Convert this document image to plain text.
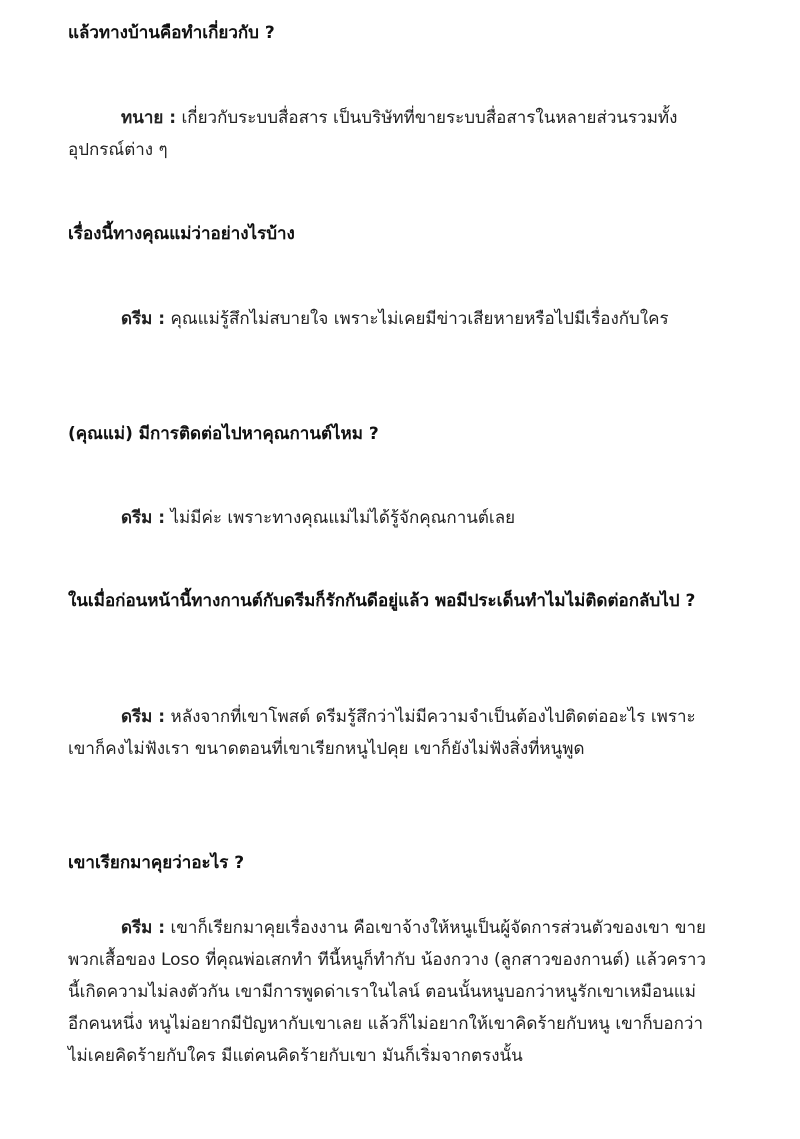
แล้วทางบ้านคือทำเกี่ยวกับ ?

ทนาย : เกี่ยวกับระบบสื่อสาร เป็นบริษัทที่ขายระบบสื่อสารในหลายส่วนรวมทั้งอุปกรณ์ต่าง ๆ

เรื่องนี้ทางคุณแม่ว่าอย่างไรบ้าง

ดรีม : คุณแม่รู้สึกไม่สบายใจ เพราะไม่เคยมีข่าวเสียหายหรือไปมีเรื่องกับใคร

(คุณแม่) มีการติดต่อไปหาคุณกานต์ไหม ?

ดรีม : ไม่มีค่ะ เพราะทางคุณแม่ไม่ได้รู้จักคุณกานต์เลย

ในเมื่อก่อนหน้านี้ทางกานต์กับดรีมก็รักกันดีอยู่แล้ว พอมีประเด็นทำไมไม่ติดต่อกลับไป ?

ดรีม : หลังจากที่เขาโพสต์ ดรีมรู้สึกว่าไม่มีความจำเป็นต้องไปติดต่ออะไร เพราะเขาก็คงไม่ฟังเรา ขนาดตอนที่เขาเรียกหนูไปคุย เขาก็ยังไม่ฟังสิ่งที่หนูพูด

เขาเรียกมาคุยว่าอะไร ?

ดรีม : เขาก็เรียกมาคุยเรื่องงาน คือเขาจ้างให้หนูเป็นผู้จัดการส่วนตัวของเขา ขายพวกเสื้อของ Loso ที่คุณพ่อเสกทำ ทีนี้หนูก็ทำกับ น้องกวาง (ลูกสาวของกานต์) แล้วคราวนี้เกิดความไม่ลงตัวกัน เขามีการพูดด่าเราในไลน์ ตอนนั้นหนูบอกว่าหนูรักเขาเหมือนแม่อีกคนหนึ่ง หนูไม่อยากมีปัญหากับเขาเลย แล้วก็ไม่อยากให้เขาคิดร้ายกับหนู เขาก็บอกว่าไม่เคยคิดร้ายกับใคร มีแต่คนคิดร้ายกับเขา มันก็เริ่มจากตรงนั้น
